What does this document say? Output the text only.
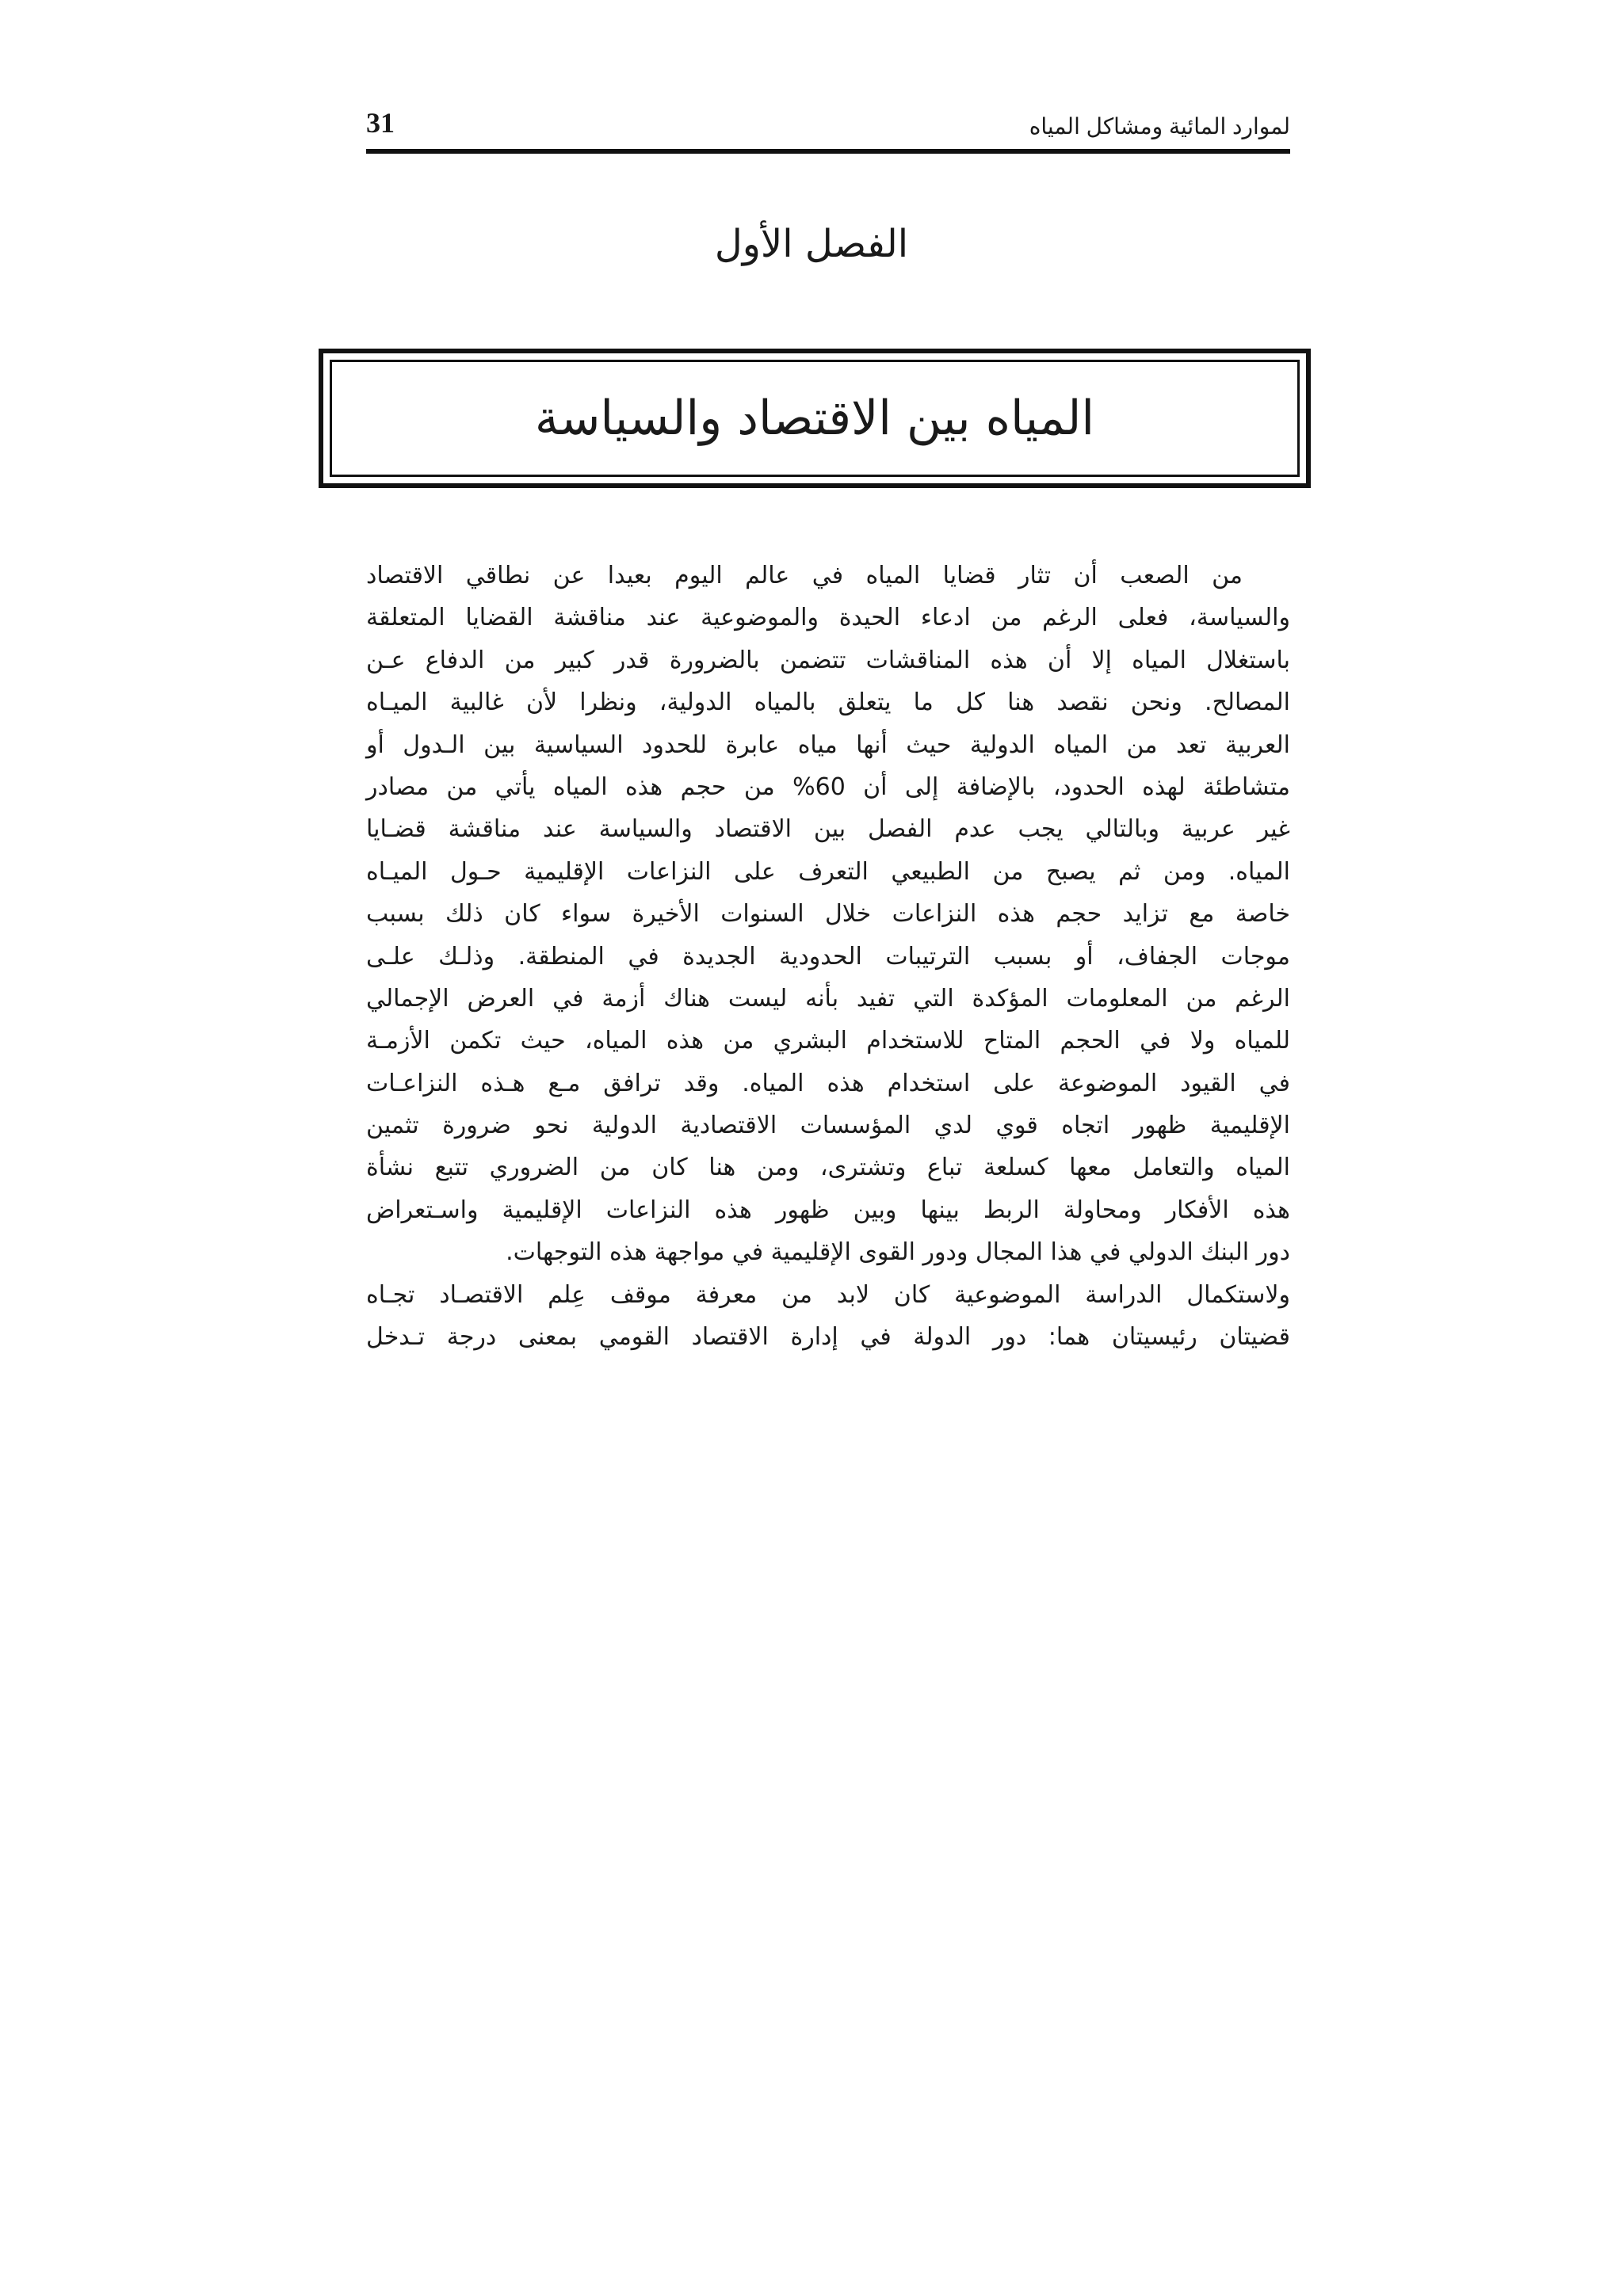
31	لموارد المائية ومشاكل المياه
الفصل الأول
المياه بين الاقتصاد والسياسة
من الصعب أن تثار قضايا المياه في عالم اليوم بعيدا عن نطاقي الاقتصاد
والسياسة، فعلى الرغم من ادعاء الحيدة والموضوعية عند مناقشة القضايا المتعلقة
باستغلال المياه إلا أن هذه المناقشات تتضمن بالضرورة قدر كبير من الدفاع عـن
المصالح. ونحن نقصد هنا كل ما يتعلق بالمياه الدولية، ونظرا لأن غالبية الميـاه
العربية تعد من المياه الدولية حيث أنها مياه عابرة للحدود السياسية بين الـدول أو
متشاطئة لهذه الحدود، بالإضافة إلى أن 60% من حجم هذه المياه يأتي من مصادر
غير عربية وبالتالي يجب عدم الفصل بين الاقتصاد والسياسة عند مناقشة قضـايا
المياه. ومن ثم يصبح من الطبيعي التعرف على النزاعات الإقليمية حـول الميـاه
خاصة مع تزايد حجم هذه النزاعات خلال السنوات الأخيرة سواء كان ذلك بسبب
موجات الجفاف، أو بسبب الترتيبات الحدودية الجديدة في المنطقة. وذلـك علـى
الرغم من المعلومات المؤكدة التي تفيد بأنه ليست هناك أزمة في العرض الإجمالي
للمياه ولا في الحجم المتاح للاستخدام البشري من هذه المياه، حيث تكمن الأزمـة
في القيود الموضوعة على استخدام هذه المياه. وقد ترافق مـع هـذه النزاعـات
الإقليمية ظهور اتجاه قوي لدي المؤسسات الاقتصادية الدولية نحو ضرورة تثمين
المياه والتعامل معها كسلعة تباع وتشترى، ومن هنا كان من الضروري تتبع نشأة
هذه الأفكار ومحاولة الربط بينها وبين ظهور هذه النزاعات الإقليمية واسـتعراض
دور البنك الدولي في هذا المجال ودور القوى الإقليمية في مواجهة هذه التوجهات.
ولاستكمال الدراسة الموضوعية كان لابد من معرفة موقف عِلم الاقتصـاد تجـاه
قضيتان رئيسيتان هما: دور الدولة في إدارة الاقتصاد القومي بمعنى درجة تـدخل
